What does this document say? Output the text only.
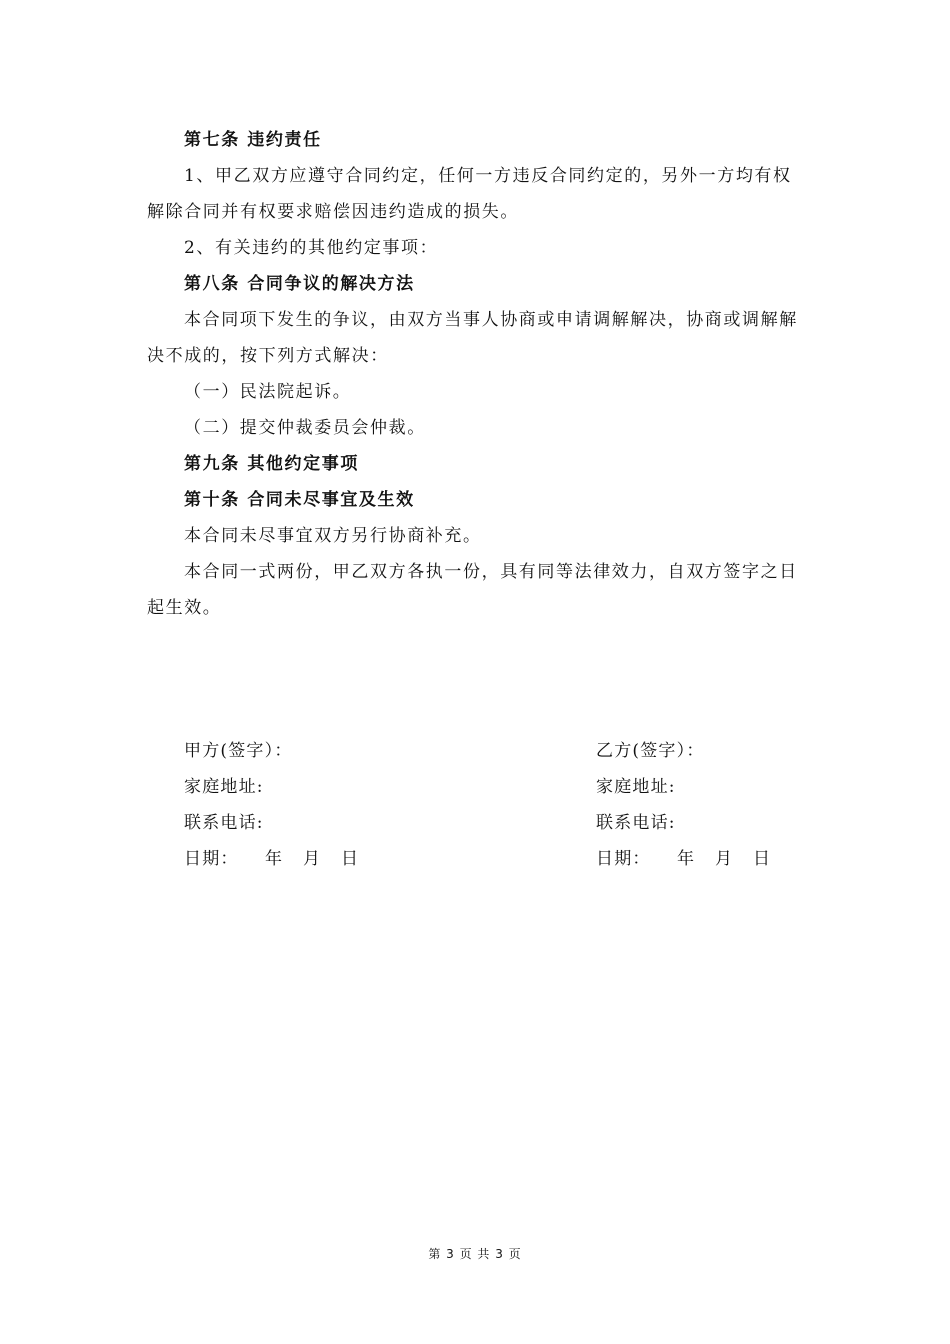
第七条 违约责任

1、甲乙双方应遵守合同约定，任何一方违反合同约定的，另外一方均有权解除合同并有权要求赔偿因违约造成的损失。

2、有关违约的其他约定事项：

第八条 合同争议的解决方法

本合同项下发生的争议，由双方当事人协商或申请调解解决，协商或调解解决不成的，按下列方式解决：

（一）民法院起诉。

（二）提交仲裁委员会仲裁。

第九条 其他约定事项

第十条 合同未尽事宜及生效

本合同未尽事宜双方另行协商补充。

本合同一式两份，甲乙双方各执一份，具有同等法律效力，自双方签字之日起生效。

甲方(签字）：

家庭地址:

联系电话:

日期：    年   月   日

乙方(签字）：

家庭地址:

联系电话:

日期：    年   月   日

第 3 页 共 3 页
